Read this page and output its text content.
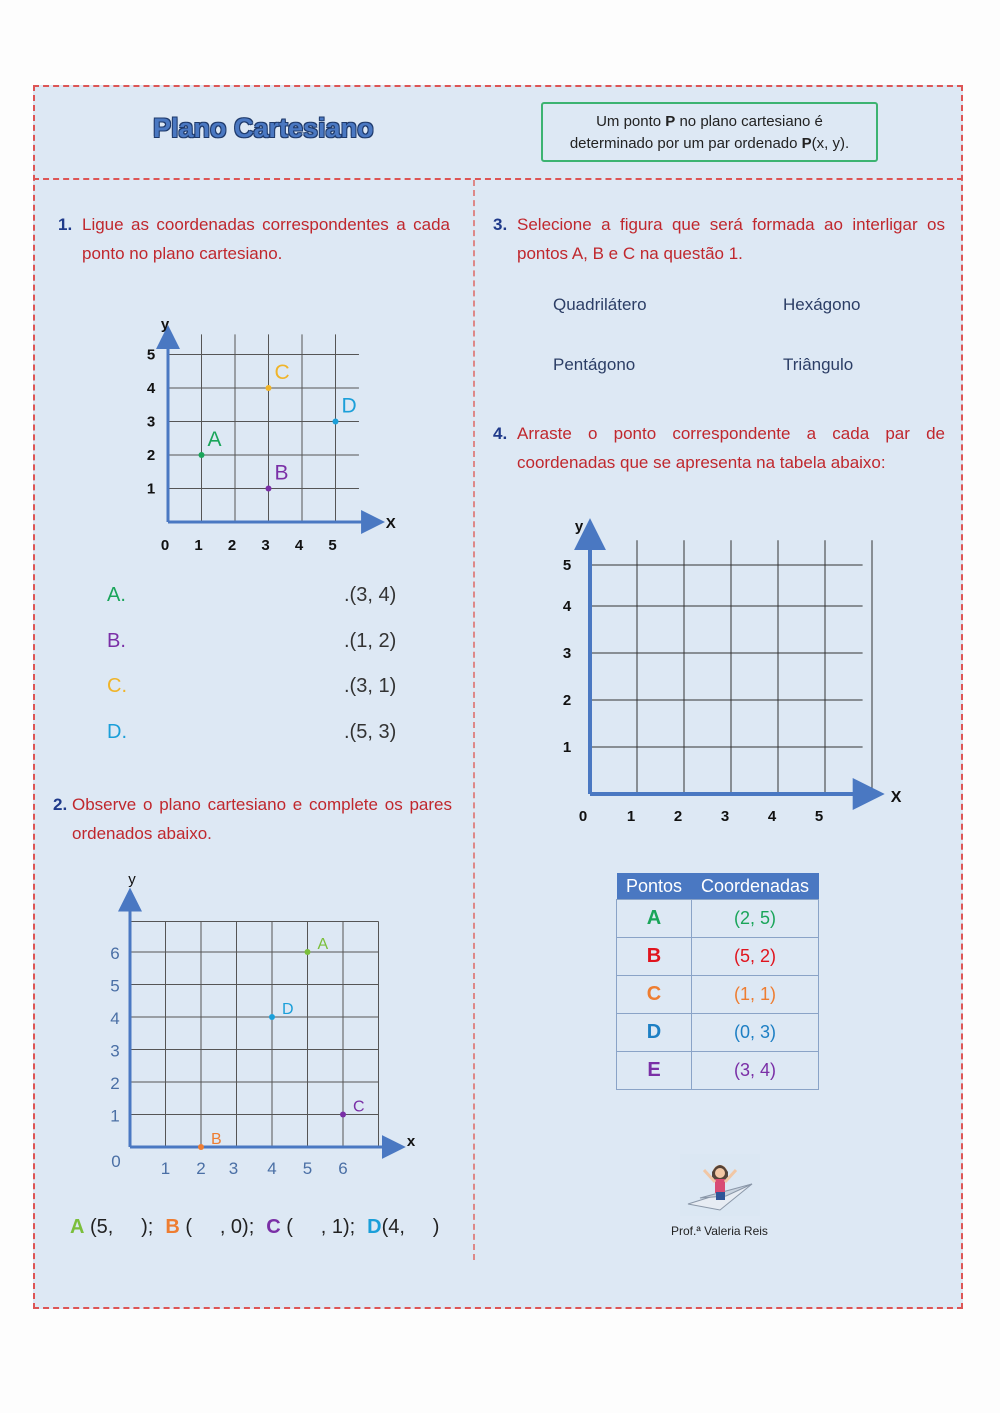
Plano Cartesiano	Um ponto P no plano cartesiano é
determinado por um par ordenado P(x, y).
1. Ligue as coordenadas correspondentes a cada ponto no plano cartesiano.
0 1 2 3 4 5
1
2
3
4
5
X
y
A
B
C
D
A.	.(3, 4)
B.	.(1, 2)
C.	.(3, 1)
D.	.(5, 3)
2. Observe o plano cartesiano e complete os pares ordenados abaixo.
0 1 2 3 4 5 6
1
2
3
4
5
6
x
y
A
B
C
D
A (5,     ); B (     , 0); C (     , 1); D(4,     )
3. Selecione a figura que será formada ao interligar os pontos A, B e C na questão 1.
Quadrilátero	Hexágono
Pentágono	Triângulo
4. Arraste o ponto correspondente a cada par de coordenadas que se apresenta na tabela abaixo:
0	1	2	3	4	5
1
2
3
4
5
X
y
Pontos	Coordenadas
A	(2, 5)
B	(5, 2)
C	(1, 1)
D	(0, 3)
E	(3, 4)
Prof.ª Valeria Reis
